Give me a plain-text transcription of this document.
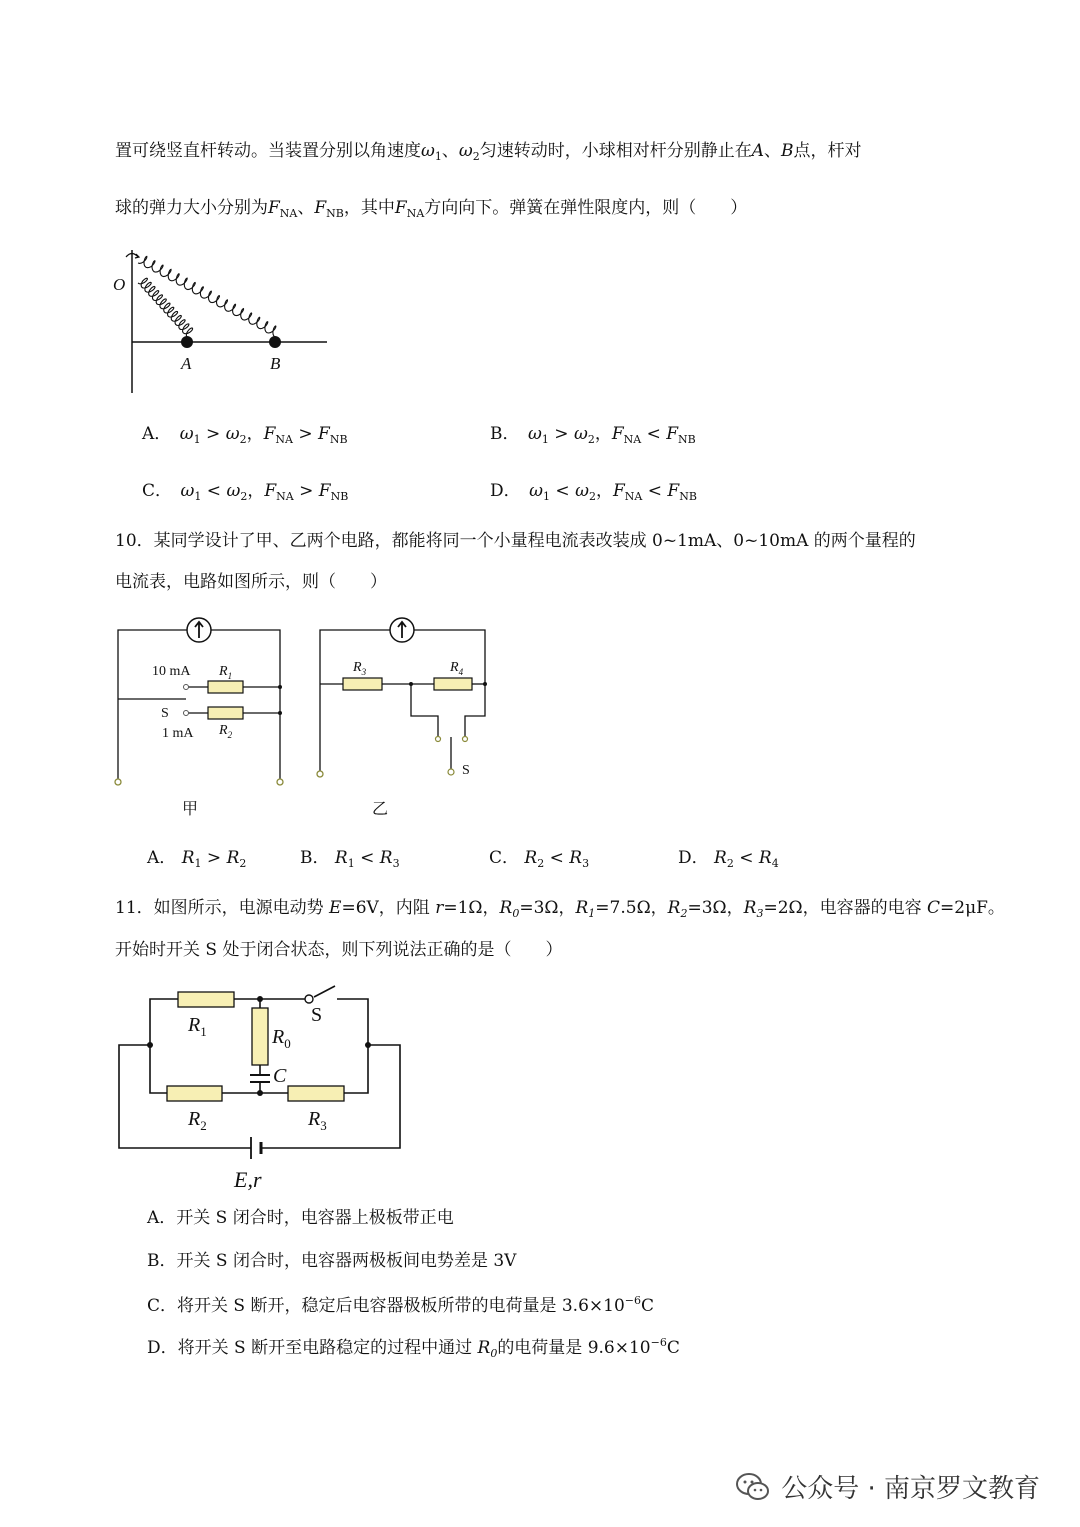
置可绕竖直杆转动。当装置分别以角速度$\omega_1$、$\omega_2$匀速转动时，小球相对杆分别静止在A、B点，杆对
球的弹力大小分别为$F_{NA}$、$F_{NB}$，其中$F_{NA}$方向向下。弹簧在弹性限度内，则（　　）
O
A	B
A．　 $\omega_1 > \omega_2$，$F_{NA} > F_{NB}$	B．　 $\omega_1 > \omega_2$，$F_{NA} < F_{NB}$
C．　 $\omega_1 < \omega_2$，$F_{NA} > F_{NB}$	D．　 $\omega_1 < \omega_2$，$F_{NA} < F_{NB}$
10．某同学设计了甲、乙两个电路，都能将同一个小量程电流表改装成 0~1mA、0~10mA 的两个量程的
电流表，电路如图所示，则（　　）
10 mA $R_1$
S
1 mA $R_2$
甲
$R_3$	$R_4$
S
乙
A． $R_1 > R_2$	B． $R_1 < R_3$	C． $R_2 < R_3$	D． $R_2 < R_4$
11．如图所示，电源电动势 E=6V，内阻 r=1Ω，$R_0=3\Omega$，$R_1=7.5\Omega$，$R_2=3\Omega$，$R_3=2\Omega$，电容器的电容 C=2μF。
开始时开关 S 处于闭合状态，则下列说法正确的是（　　）
$R_1$	$R_0$
C
S
$R_2$	$R_3$
E,r
A．开关 S 闭合时，电容器上极板带正电
B．开关 S 闭合时，电容器两极板间电势差是 3V
C．将开关 S 断开，稳定后电容器极板所带的电荷量是 $3.6\times 10^{-6}C$
D．将开关 S 断开至电路稳定的过程中通过 $R_0$的电荷量是 $9.6\times 10^{-6}C$
公众号 · 南京罗文教育
